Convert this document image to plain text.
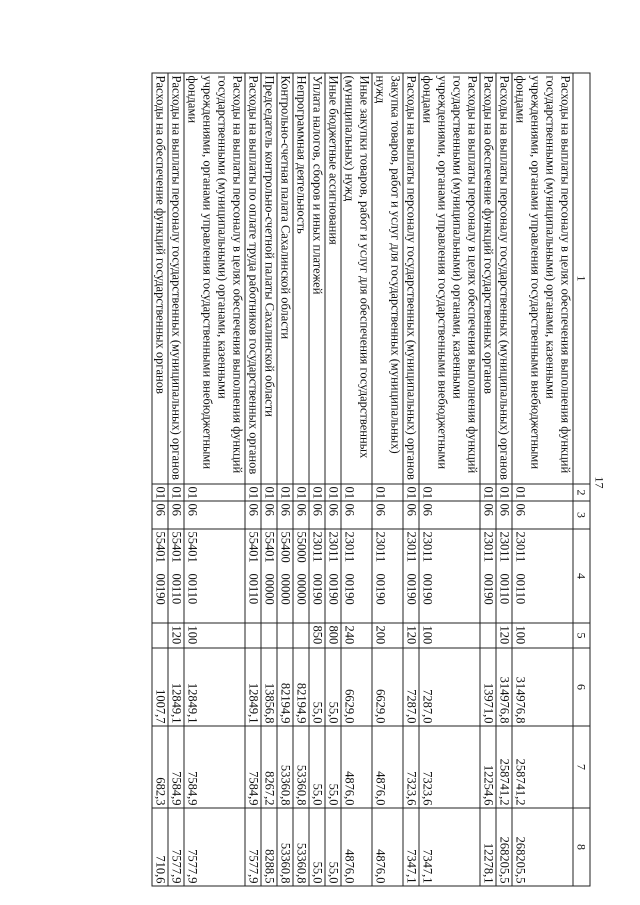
17
1	2	3	4	5	6	7	8
Расходы на выплаты персоналу в целях обеспечения выполнения функций государственными (муниципальными) органами, казенными учреждениями, органами управления государственными внебюджетными фондами	01	06	2301100110	100	314976,8	258741,2	268205,5
Расходы на выплаты персоналу государственных (муниципальных) органов	01	06	2301100110	120	314976,8	258741,2	268205,5
Расходы на обеспечение функций государственных органов	01	06	2301100190		13971,0	12254,6	12278,1
Расходы на выплаты персоналу в целях обеспечения выполнения функций государственными (муниципальными) органами, казенными учреждениями, органами управления государственными внебюджетными фондами	01	06	2301100190	100	7287,0	7323,6	7347,1
Расходы на выплаты персоналу государственных (муниципальных) органов	01	06	2301100190	120	7287,0	7323,6	7347,1
Закупка товаров, работ и услуг для государственных (муниципальных) нужд	01	06	2301100190	200	6629,0	4876,0	4876,0
Иные закупки товаров, работ и услуг для обеспечения государственных (муниципальных) нужд	01	06	2301100190	240	6629,0	4876,0	4876,0
Иные бюджетные ассигнования	01	06	2301100190	800	55,0	55,0	55,0
Уплата налогов, сборов и иных платежей	01	06	2301100190	850	55,0	55,0	55,0
Непрограммная деятельность	01	06	5500000000		82194,9	53360,8	53360,8
Контрольно-счетная палата Сахалинской области	01	06	5540000000		82194,9	53360,8	53360,8
Председатель контрольно-счетной палаты Сахалинской области	01	06	5540100000		13856,8	8267,2	8288,5
Расходы на выплаты по оплате труда работников государственных органов	01	06	5540100110		12849,1	7584,9	7577,9
Расходы на выплаты персоналу в целях обеспечения выполнения функций государственными (муниципальными) органами, казенными учреждениями, органами управления государственными внебюджетными фондами	01	06	5540100110	100	12849,1	7584,9	7577,9
Расходы на выплаты персоналу государственных (муниципальных) органов	01	06	5540100110	120	12849,1	7584,9	7577,9
Расходы на обеспечение функций государственных органов	01	06	5540100190		1007,7	682,3	710,6
